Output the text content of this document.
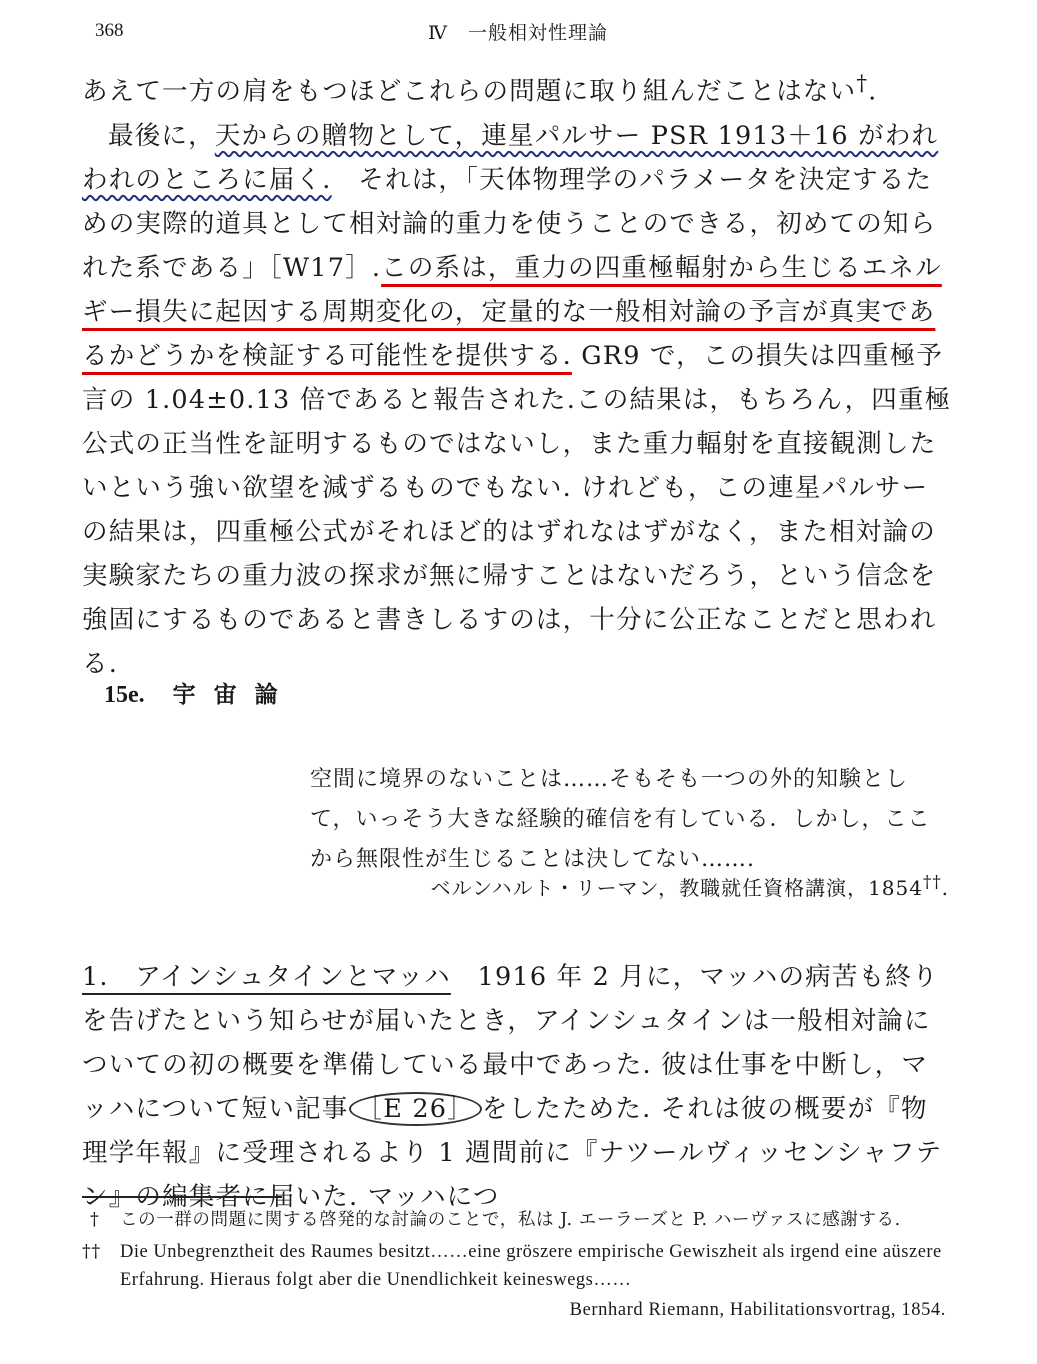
368	Ⅳ　一般相対性理論

あえて一方の肩をもつほどこれらの問題に取り組んだことはない†.

最後に，天からの贈物として，連星パルサー PSR 1913＋16 がわれわれのところに届く.　 それは，「天体物理学のパラメータを決定するための実際的道具として相対論的重力を使うことのできる，初めての知られた系である」［W17］.この系は，重力の四重極輻射から生じるエネルギー損失に起因する周期変化の，定量的な一般相対論の予言が真実であるかどうかを検証する可能性を提供する. GR9 で，この損失は四重極予言の 1.04±0.13 倍であると報告された.この結果は，もちろん，四重極公式の正当性を証明するものではないし，また重力輻射を直接観測したいという強い欲望を減ずるものでもない. けれども，この連星パルサーの結果は，四重極公式がそれほど的はずれなはずがなく，また相対論の実験家たちの重力波の探求が無に帰すことはないだろう，という信念を強固にするものであると書きしるすのは，十分に公正なことだと思われる.

15e. 宇宙論

空間に境界のないことは……そもそも一つの外的知験として，いっそう大きな経験的確信を有している．しかし，ここから無限性が生じることは決してない…….

ベルンハルト・リーマン，教職就任資格講演，1854††.

1.　アインシュタインとマッハ　1916 年 2 月に，マッハの病苦も終りを告げたという知らせが届いたとき，アインシュタインは一般相対論についての初の概要を準備している最中であった. 彼は仕事を中断し，マッハについて短い記事 ［E 26］ をしたためた. それは彼の概要が『物理学年報』に受理されるより 1 週間前に『ナツールヴィッセンシャフテン』の編集者に届いた. マッハにつ

† この一群の問題に関する啓発的な討論のことで，私は J. エーラーズと P. ハーヴァスに感謝する.
†† Die Unbegrenztheit des Raumes besitzt……eine gröszere empirische Gewiszheit als irgend eine aüszere Erfahrung. Hieraus folgt aber die Unendlichkeit keineswegs……
Bernhard Riemann, Habilitationsvortrag, 1854.
